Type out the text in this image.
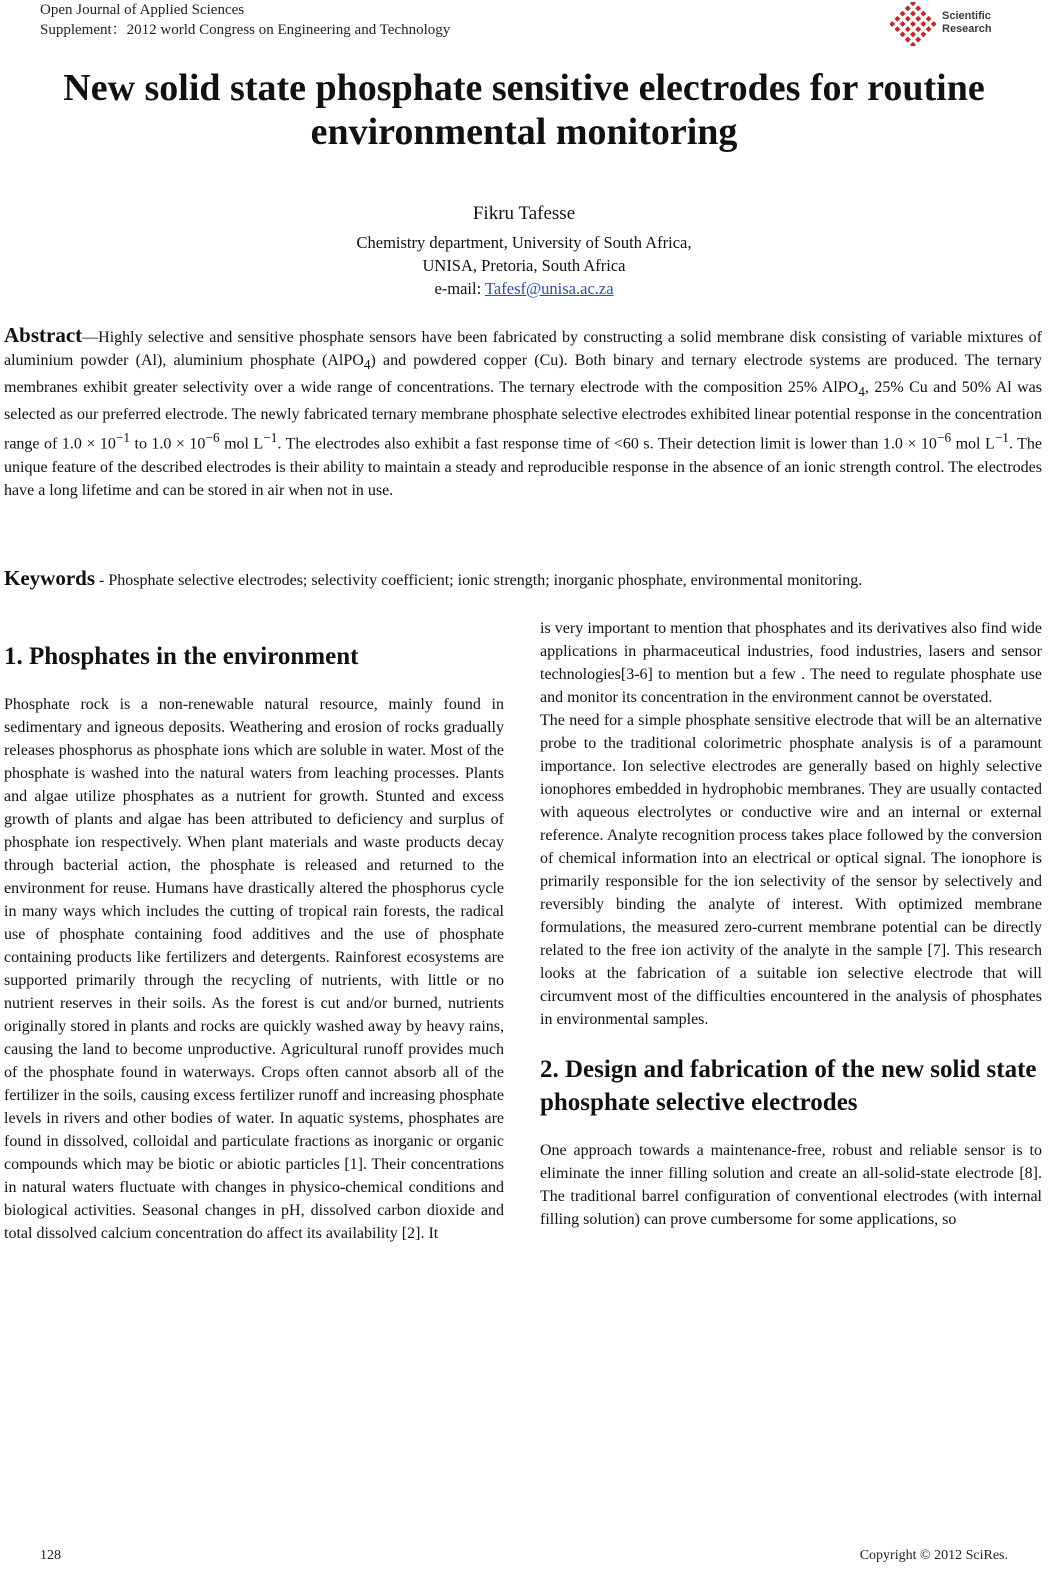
Open Journal of Applied Sciences
Supplement：2012 world Congress on Engineering and Technology
Scientific
Research
New solid state phosphate sensitive electrodes for routine
environmental monitoring
Fikru Tafesse
Chemistry department, University of South Africa,
UNISA, Pretoria, South Africa
e-mail: Tafesf@unisa.ac.za
Abstract—Highly selective and sensitive phosphate sensors have been fabricated by constructing a solid membrane disk consisting of variable mixtures of aluminium powder (Al), aluminium phosphate (AlPO$_4$) and powdered copper (Cu). Both binary and ternary electrode systems are produced. The ternary membranes exhibit greater selectivity over a wide range of concentrations. The ternary electrode with the composition 25% AlPO$_4$, 25% Cu and 50% Al was selected as our preferred electrode. The newly fabricated ternary membrane phosphate selective electrodes exhibited linear potential response in the concentration range of $1.0 \times 10^{-1}$ to $1.0 \times 10^{-6}$ mol $L^{-1}$. The electrodes also exhibit a fast response time of <60 s. Their detection limit is lower than $1.0 \times 10^{-6}$ mol $L^{-1}$. The unique feature of the described electrodes is their ability to maintain a steady and reproducible response in the absence of an ionic strength control. The electrodes have a long lifetime and can be stored in air when not in use.
Keywords - Phosphate selective electrodes; selectivity coefficient; ionic strength; inorganic phosphate, environmental monitoring.
1. Phosphates in the environment

Phosphate rock is a non-renewable natural resource, mainly found in sedimentary and igneous deposits. Weathering and erosion of rocks gradually releases phosphorus as phosphate ions which are soluble in water. Most of the phosphate is washed into the natural waters from leaching processes. Plants and algae utilize phosphates as a nutrient for growth. Stunted and excess growth of plants and algae has been attributed to deficiency and surplus of phosphate ion respectively. When plant materials and waste products decay through bacterial action, the phosphate is released and returned to the environment for reuse. Humans have drastically altered the phosphorus cycle in many ways which includes the cutting of tropical rain forests, the radical use of phosphate containing food additives and the use of phosphate containing products like fertilizers and detergents. Rainforest ecosystems are supported primarily through the recycling of nutrients, with little or no nutrient reserves in their soils. As the forest is cut and/or burned, nutrients originally stored in plants and rocks are quickly washed away by heavy rains, causing the land to become unproductive. Agricultural runoff provides much of the phosphate found in waterways. Crops often cannot absorb all of the fertilizer in the soils, causing excess fertilizer runoff and increasing phosphate levels in rivers and other bodies of water. In aquatic systems, phosphates are found in dissolved, colloidal and particulate fractions as inorganic or organic compounds which may be biotic or abiotic particles [1]. Their concentrations in natural waters fluctuate with changes in physico-chemical conditions and biological activities. Seasonal changes in pH, dissolved carbon dioxide and total dissolved calcium concentration do affect its availability [2]. It

is very important to mention that phosphates and its derivatives also find wide applications in pharmaceutical industries, food industries, lasers and sensor technologies[3-6] to mention but a few . The need to regulate phosphate use and monitor its concentration in the environment cannot be overstated.

The need for a simple phosphate sensitive electrode that will be an alternative probe to the traditional colorimetric phosphate analysis is of a paramount importance. Ion selective electrodes are generally based on highly selective ionophores embedded in hydrophobic membranes. They are usually contacted with aqueous electrolytes or conductive wire and an internal or external reference. Analyte recognition process takes place followed by the conversion of chemical information into an electrical or optical signal. The ionophore is primarily responsible for the ion selectivity of the sensor by selectively and reversibly binding the analyte of interest. With optimized membrane formulations, the measured zero-current membrane potential can be directly related to the free ion activity of the analyte in the sample [7]. This research looks at the fabrication of a suitable ion selective electrode that will circumvent most of the difficulties encountered in the analysis of phosphates in environmental samples.

2. Design and fabrication of the new solid state phosphate selective electrodes

One approach towards a maintenance-free, robust and reliable sensor is to eliminate the inner filling solution and create an all-solid-state electrode [8]. The traditional barrel configuration of conventional electrodes (with internal filling solution) can prove cumbersome for some applications, so

128	Copyright © 2012 SciRes.
